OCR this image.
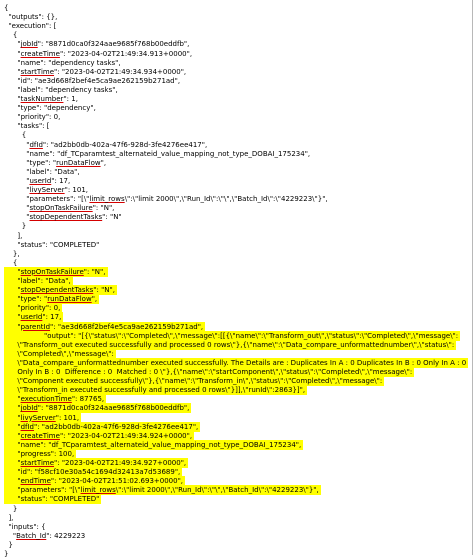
{
"outputs": {},
"execution": [
{
"jobId": "8871d0ca0f324aae9685f768b00eddfb",
"createTime": "2023-04-02T21:49:34.913+0000",
"name": "dependency tasks",
"startTime": "2023-04-02T21:49:34.934+0000",
"id": "ae3d668f2bef4e5ca9ae262159b271ad",
"label": "dependency tasks",
"taskNumber": 1,
"type": "dependency",
"priority": 0,
"tasks": [
{
"dfId": "ad2bb0db-402a-47f6-928d-3fe4276ee417",
"name": "df_TCparamtest_alternateid_value_mapping_not_type_DOBAI_175234",
"type": "runDataFlow",
"label": "Data",
"userId": 17,
"livyServer": 101,
"parameters": "[\"limit_rows\":\"limit 2000\",\"Run_Id\":\"\",\"Batch_Id\":\"4229223\"}",
"stopOnTaskFailure": "N",
"stopDependentTasks": "N"
}
],
"status": "COMPLETED"
},
{
"stopOnTaskFailure": "N",
"label": "Data",
"stopDependentTasks": "N",
"type": "runDataFlow",
"priority": 0,
"userId": 17,
"parentId": "ae3d668f2bef4e5ca9ae262159b271ad",
"output": "[{\"status\":\"Completed\",\"message\":[[{\"name\":\"Transform_out\",\"status\":\"Completed\",\"message\":
\"Transform_out executed successfully and processed 0 rows\"},{\"name\":\"Data_compare_unformattednumber\",\"status\":
\"Completed\",\"message\":
\"Data_compare_unformattednumber executed successfully. The Details are : Duplicates In A : 0 Duplicates In B : 0 Only In A : 0
Only In B : 0  Difference : 0  Matched : 0 \"},{\"name\":\"startComponent\",\"status\":\"Completed\",\"message\":
\"Component executed successfully\"},{\"name\":\"Transform_in\",\"status\":\"Completed\",\"message\":
\"Transform_in executed successfully and processed 0 rows\"}]],\"runId\":2863}]",
"executionTime": 87765,
"jobId": "8871d0ca0f324aae9685f768b00eddfb",
"livyServer": 101,
"dfId": "ad2bb0db-402a-47f6-928d-3fe4276ee417",
"createTime": "2023-04-02T21:49:34.924+0000",
"name": "df_TCparamtest_alternateid_value_mapping_not_type_DOBAI_175234",
"progress": 100,
"startTime": "2023-04-02T21:49:34.927+0000",
"id": "f58cf10e30a54c1694d32413a7d53689",
"endTime": "2023-04-02T21:51:02.693+0000",
"parameters": "[\"limit_rows\":\"limit 2000\",\"Run_Id\":\"\",\"Batch_Id\":\"4229223\"}",
"status": "COMPLETED"
}
],
"inputs": {
"Batch_Id": 4229223
}
}
